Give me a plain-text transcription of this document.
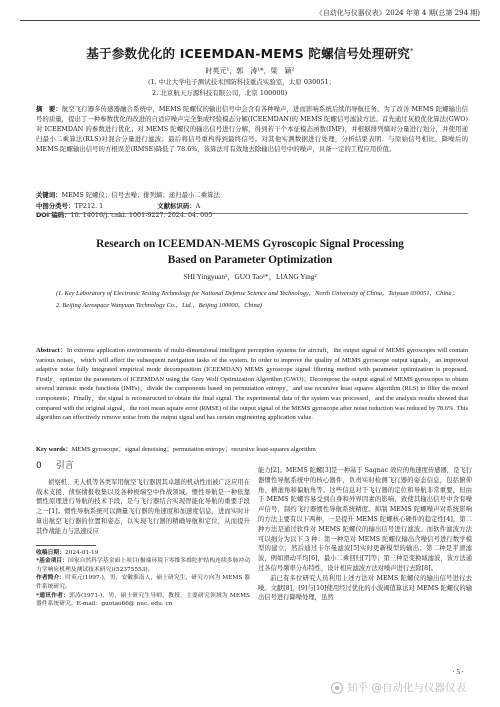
《自动化与仪器仪表》2024 年第 4 期(总第 294 期)
基于参数优化的 ICEEMDAN-MEMS 陀螺信号处理研究*
时英元¹，郭　涛¹*，梁　颖²
(1. 中北大学电子测试技术国防科技重点实验室，太原 030051；
2. 北京航天万源科技有限公司，北京 100000)
摘　要：航空飞行器多传感器融合系统中，MEMS 陀螺仪的输出信号中会含有各种噪声，进而影响系统后续的导航任务。为了改善 MEMS 陀螺输出信号的质量，提出了一种参数优化的改进的自适应噪声完全集成经验模态分解(ICEEMDAN)的 MEMS 陀螺信号滤波方法。首先通过灰狼优化算法(GWO)对 ICEEMDAN 的参数进行优化；对 MEMS 陀螺仪的输出信号进行分解，得到若干个本征模态函数(IMF)，并根据排列熵对分量进行划分，并使用递归最小二乘算法(RLS)对混合分量进行滤波；最后将信号重构得到最终信号。对其他实测数据进行处理，分析结果表明：与原始信号相比，降噪后的 MEMS 陀螺输出信号的方根误差(RMSE)降低了 78.6%，该算法可有效地去除输出信号中的噪声，具备一定的工程应用价值。
关键词：MEMS 陀螺仪；信号去噪；排列熵；递归最小二乘算法
中图分类号：TP212. 1	文献标识码：A DOI 编码：10. 14016/j. cnki. 1001-9227. 2024. 04. 005
Research on ICEEMDAN-MEMS Gyroscopic Signal Processing
Based on Parameter Optimization
SHI Yingyuan¹，GUO Tao¹*，LIANG Ying²
(1. Key Laboratory of Electronic Testing Technology for National Defense Science and Technology，North University of China，Taiyuan 030051，China；
2. Beijing Aerospace Wanyuan Technology Co.，Ltd.，Beijing 100000，China)
Abstract：In extreme application environments of multi-dimensional intelligent perception systems for aircraft，the output signal of MEMS gyroscopes will contain various noises，which will affect the subsequent navigation tasks of the system. In order to improve the quality of MEMS gyroscope output signals，an improved adaptive noise fully integrated empirical mode decomposition (ICEEMDAN) MEMS gyroscope signal filtering method with parameter optimization is proposed. Firstly，optimize the parameters of ICEEMDAN using the Grey Wolf Optimization Algorithm (GWO)；Decompose the output signal of MEMS gyroscopes to obtain several intrinsic mode functions (IMFs)，divide the components based on permutation entropy，and use recursive least squares algorithm (RLS) to filter the mixed components；Finally，the signal is reconstructed to obtain the final signal. The experimental data of the system was processed，and the analysis results showed that compared with the original signal，the root mean square error (RMSE) of the output signal of the MEMS gyroscope after noise reduction was reduced by 78.6%. This algorithm can effectively remove noise from the output signal and has certain engineering application value.
Key words：MEMS gyroscope；signal denoising；permutation entropy；recursive least-squares algorithm
0 引言
侦察机、无人机等各类军用航空飞行器因其卓越的机动性而被广泛应用在战术支援、侦察情报收集以及各种极端空中作战领域。惯性导航是一种依靠惯性原理进行导航的技术手段，是与飞行器结合实现智能化导航的重要手段之一[1]。惯性导航系统可以测量飞行器的角速度和加速度信息，进而实时计算出航空飞行器的位置和姿态，以实现飞行器的精确导航和定位，从而提升其作战能力与迅速反应
收稿日期：2024-01-19
*基金项目：国家自然科学基金面上项目(极端环境下零维多维陀护结构连续多脉冲动力学响应机理及测试技术研究)(52375553)。
作者简介：时英元(1997-)，男，安徽淮南人，硕士研究生，研究方向为 MEMS 器件系统研究。
*通讯作者：郭涛(1971-)，男，硕士研究生导师，教授，主要研究领域为 MEMS 器件系统研究。E-mail：guotao66@ nuc. edu. cn
能力[2]。MEMS 陀螺[3]是一种基于 Sagnac 效应的角速度传感器，是飞行器惯性导航系统中的核心器件，负责实时检测飞行器的姿态信息，包括俯仰角、横滚角和偏航角等。这些信息对于飞行器的定位和导航非常重要，但由于 MEMS 陀螺容易受到自身和外界因素的影响，致使其输出信号中含有噪声信号，制约飞行器惯性导航系统精度。抑制 MEMS 陀螺噪声对系统影响的方法主要有以下两种，一是提升 MEMS 陀螺核心硬件的稳定性[4]，第二种方法是通过软件对 MEMS 陀螺仪的输出信号进行滤波。而软件滤波方法可以细分为以下 3 种：第一种是对 MEMS 陀螺仪输出含噪信号进行数学模型的建立，然后通过卡尔曼滤波[5]实时更新模型的输出；第二种是平滑滤波，例如滑动平均[6]，最小二乘回归[7]等；第三种是变换域滤波，该方法通过各信号频率分布特性，设计相应滤波方法对噪声进行去除[8]。
前已有多位研究人员利用上述方法对 MEMS 陀螺仪的输出信号进行去噪。文献[8]，[9]与[10]使用经过优化的小波阈值算法对 MEMS 陀螺仪的输出信号进行降噪处理，虽然
· 5 ·
知乎 @自动化与仪器仪表
